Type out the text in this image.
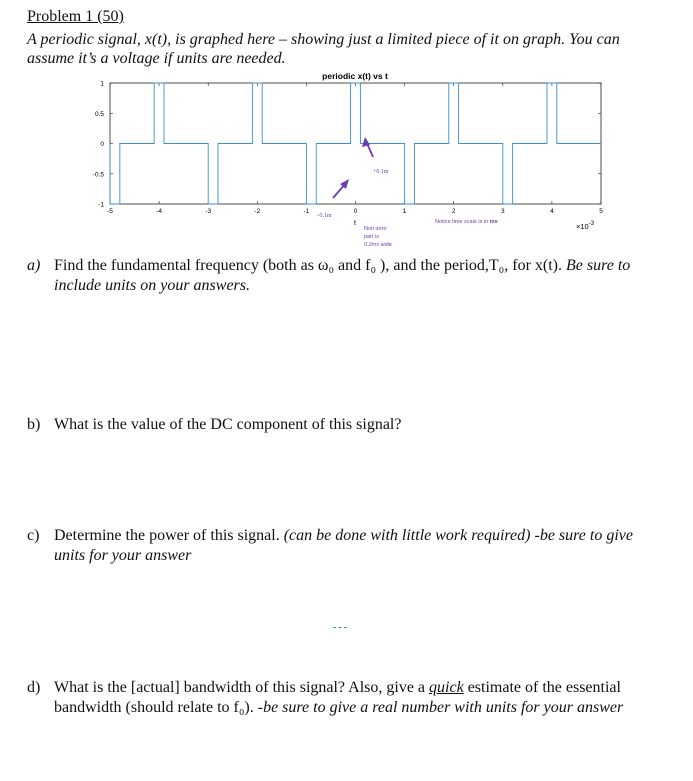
Problem 1 (50)
A periodic signal, x(t), is graphed here – showing just a limited piece of it on graph. You can assume it’s a voltage if units are needed.
periodic x(t) vs t
-5	-4	-3	-2	-1	0	1	2	3	4	5
1
0.5
0
-0.5
-1
$\times 10^{-3}$
−0.1m
+0.1m
t
Non-zero
part is
0.2ms wide
Notice time scale is in ms
a) Find the fundamental frequency (both as ω₀ and f₀ ), and the period,T₀, for x(t). Be sure to include units on your answers.
b) What is the value of the DC component of this signal?
c) Determine the power of this signal. (can be done with little work required) -be sure to give units for your answer
d) What is the [actual] bandwidth of this signal? Also, give a quick estimate of the essential bandwidth (should relate to f₀). -be sure to give a real number with units for your answer
